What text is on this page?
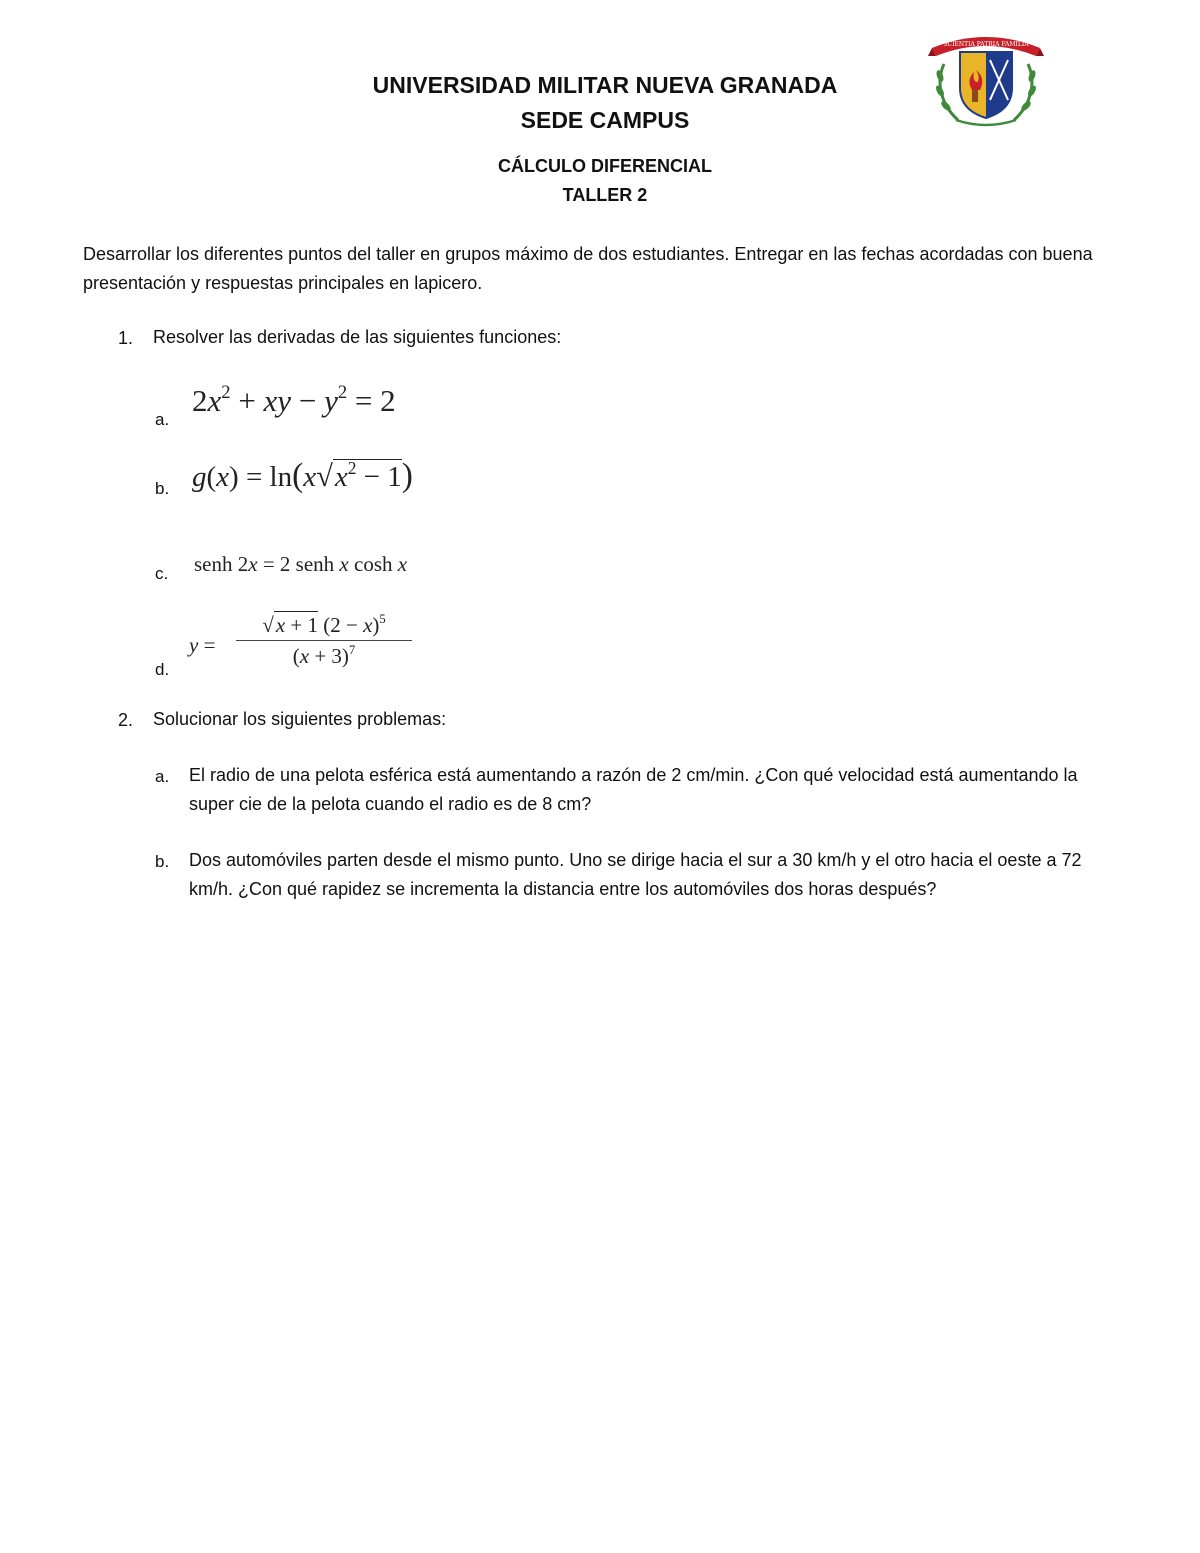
UNIVERSIDAD MILITAR NUEVA GRANADA
SEDE CAMPUS
CÁLCULO DIFERENCIAL
TALLER 2
SCIENTIA PATRIA FAMILIA
Desarrollar los diferentes puntos del taller en grupos máximo de dos estudiantes. Entregar en las fechas acordadas con buena presentación y respuestas principales en lapicero.
1. Resolver las derivadas de las siguientes funciones:
a.
$2x^2$ + xy − $y^2 = 2$
b. $g(x) = \ln(x√x^2 - 1)$
c. senh 2x = 2 senh x cosh x
d.
y =
√x + 1 $(2 - x)^5$
$(x + 3)^7$
2. Solucionar los siguientes problemas:
a. El radio de una pelota esférica está aumentando a razón de 2 cm/min. ¿Con qué velocidad está aumentando la super cie de la pelota cuando el radio es de 8 cm?
b. Dos automóviles parten desde el mismo punto. Uno se dirige hacia el sur a 30 km/h y el otro hacia el oeste a 72 km/h. ¿Con qué rapidez se incrementa la distancia entre los automóviles dos horas después?
